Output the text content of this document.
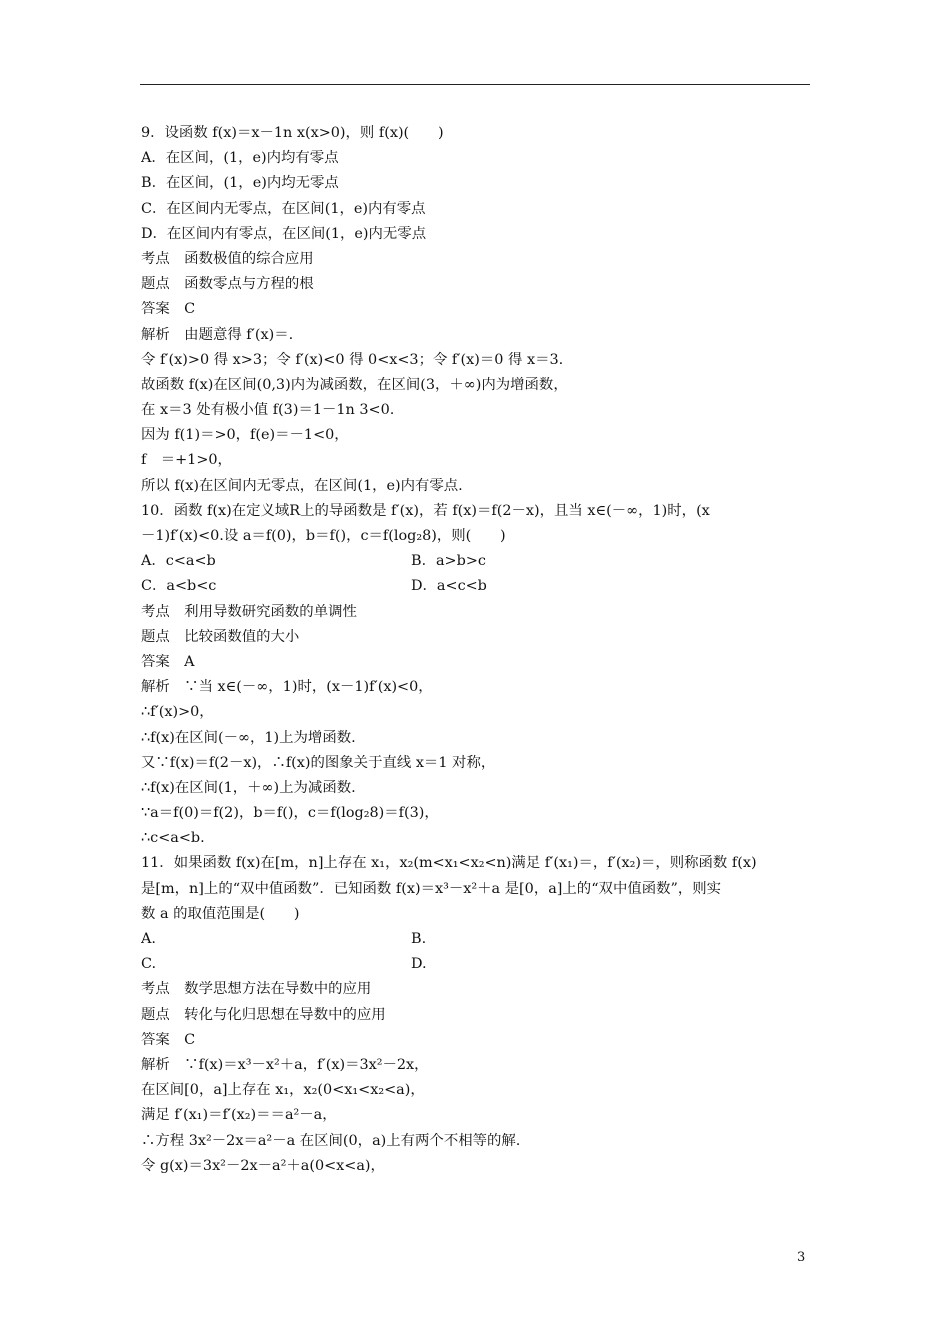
9．设函数 f(x)＝x－1n x(x>0)，则 f(x)(　　)
A．在区间，(1，e)内均有零点
B．在区间，(1，e)内均无零点
C．在区间内无零点，在区间(1，e)内有零点
D．在区间内有零点，在区间(1，e)内无零点
考点　函数极值的综合应用
题点　函数零点与方程的根
答案　C
解析　由题意得 f′(x)＝.
令 f′(x)>0 得 x>3；令 f′(x)<0 得 0<x<3；令 f′(x)＝0 得 x＝3.
故函数 f(x)在区间(0,3)内为减函数，在区间(3，＋∞)内为增函数，
在 x＝3 处有极小值 f(3)＝1－1n 3<0.
因为 f(1)＝>0，f(e)＝－1<0，
f　＝+1>0，
所以 f(x)在区间内无零点，在区间(1，e)内有零点.
10．函数 f(x)在定义域R上的导函数是 f′(x)，若 f(x)＝f(2－x)，且当 x∈(－∞，1)时，(x
－1)f′(x)<0.设 a＝f(0)，b＝f()，c＝f(log₂8)，则(　　)
A．c<a<b	B．a>b>c
C．a<b<c	D．a<c<b
考点　利用导数研究函数的单调性
题点　比较函数值的大小
答案　A
解析　∵当 x∈(－∞，1)时，(x－1)f′(x)<0，
∴f′(x)>0，
∴f(x)在区间(－∞，1)上为增函数.
又∵f(x)＝f(2－x)，∴f(x)的图象关于直线 x＝1 对称，
∴f(x)在区间(1，＋∞)上为减函数.
∵a＝f(0)＝f(2)，b＝f()，c＝f(log₂8)＝f(3)，
∴c<a<b.
11．如果函数 f(x)在[m，n]上存在 x₁，x₂(m<x₁<x₂<n)满足 f′(x₁)＝，f′(x₂)＝，则称函数 f(x)
是[m，n]上的“双中值函数”．已知函数 f(x)＝x³－x²＋a 是[0，a]上的“双中值函数”，则实
数 a 的取值范围是(　　)
A.	B.
C.	D.
考点　数学思想方法在导数中的应用
题点　转化与化归思想在导数中的应用
答案　C
解析　∵f(x)＝x³－x²＋a，f′(x)＝3x²－2x，
在区间[0，a]上存在 x₁，x₂(0<x₁<x₂<a)，
满足 f′(x₁)＝f′(x₂)＝＝a²－a，
∴方程 3x²－2x＝a²－a 在区间(0，a)上有两个不相等的解.
令 g(x)＝3x²－2x－a²＋a(0<x<a)，
3
